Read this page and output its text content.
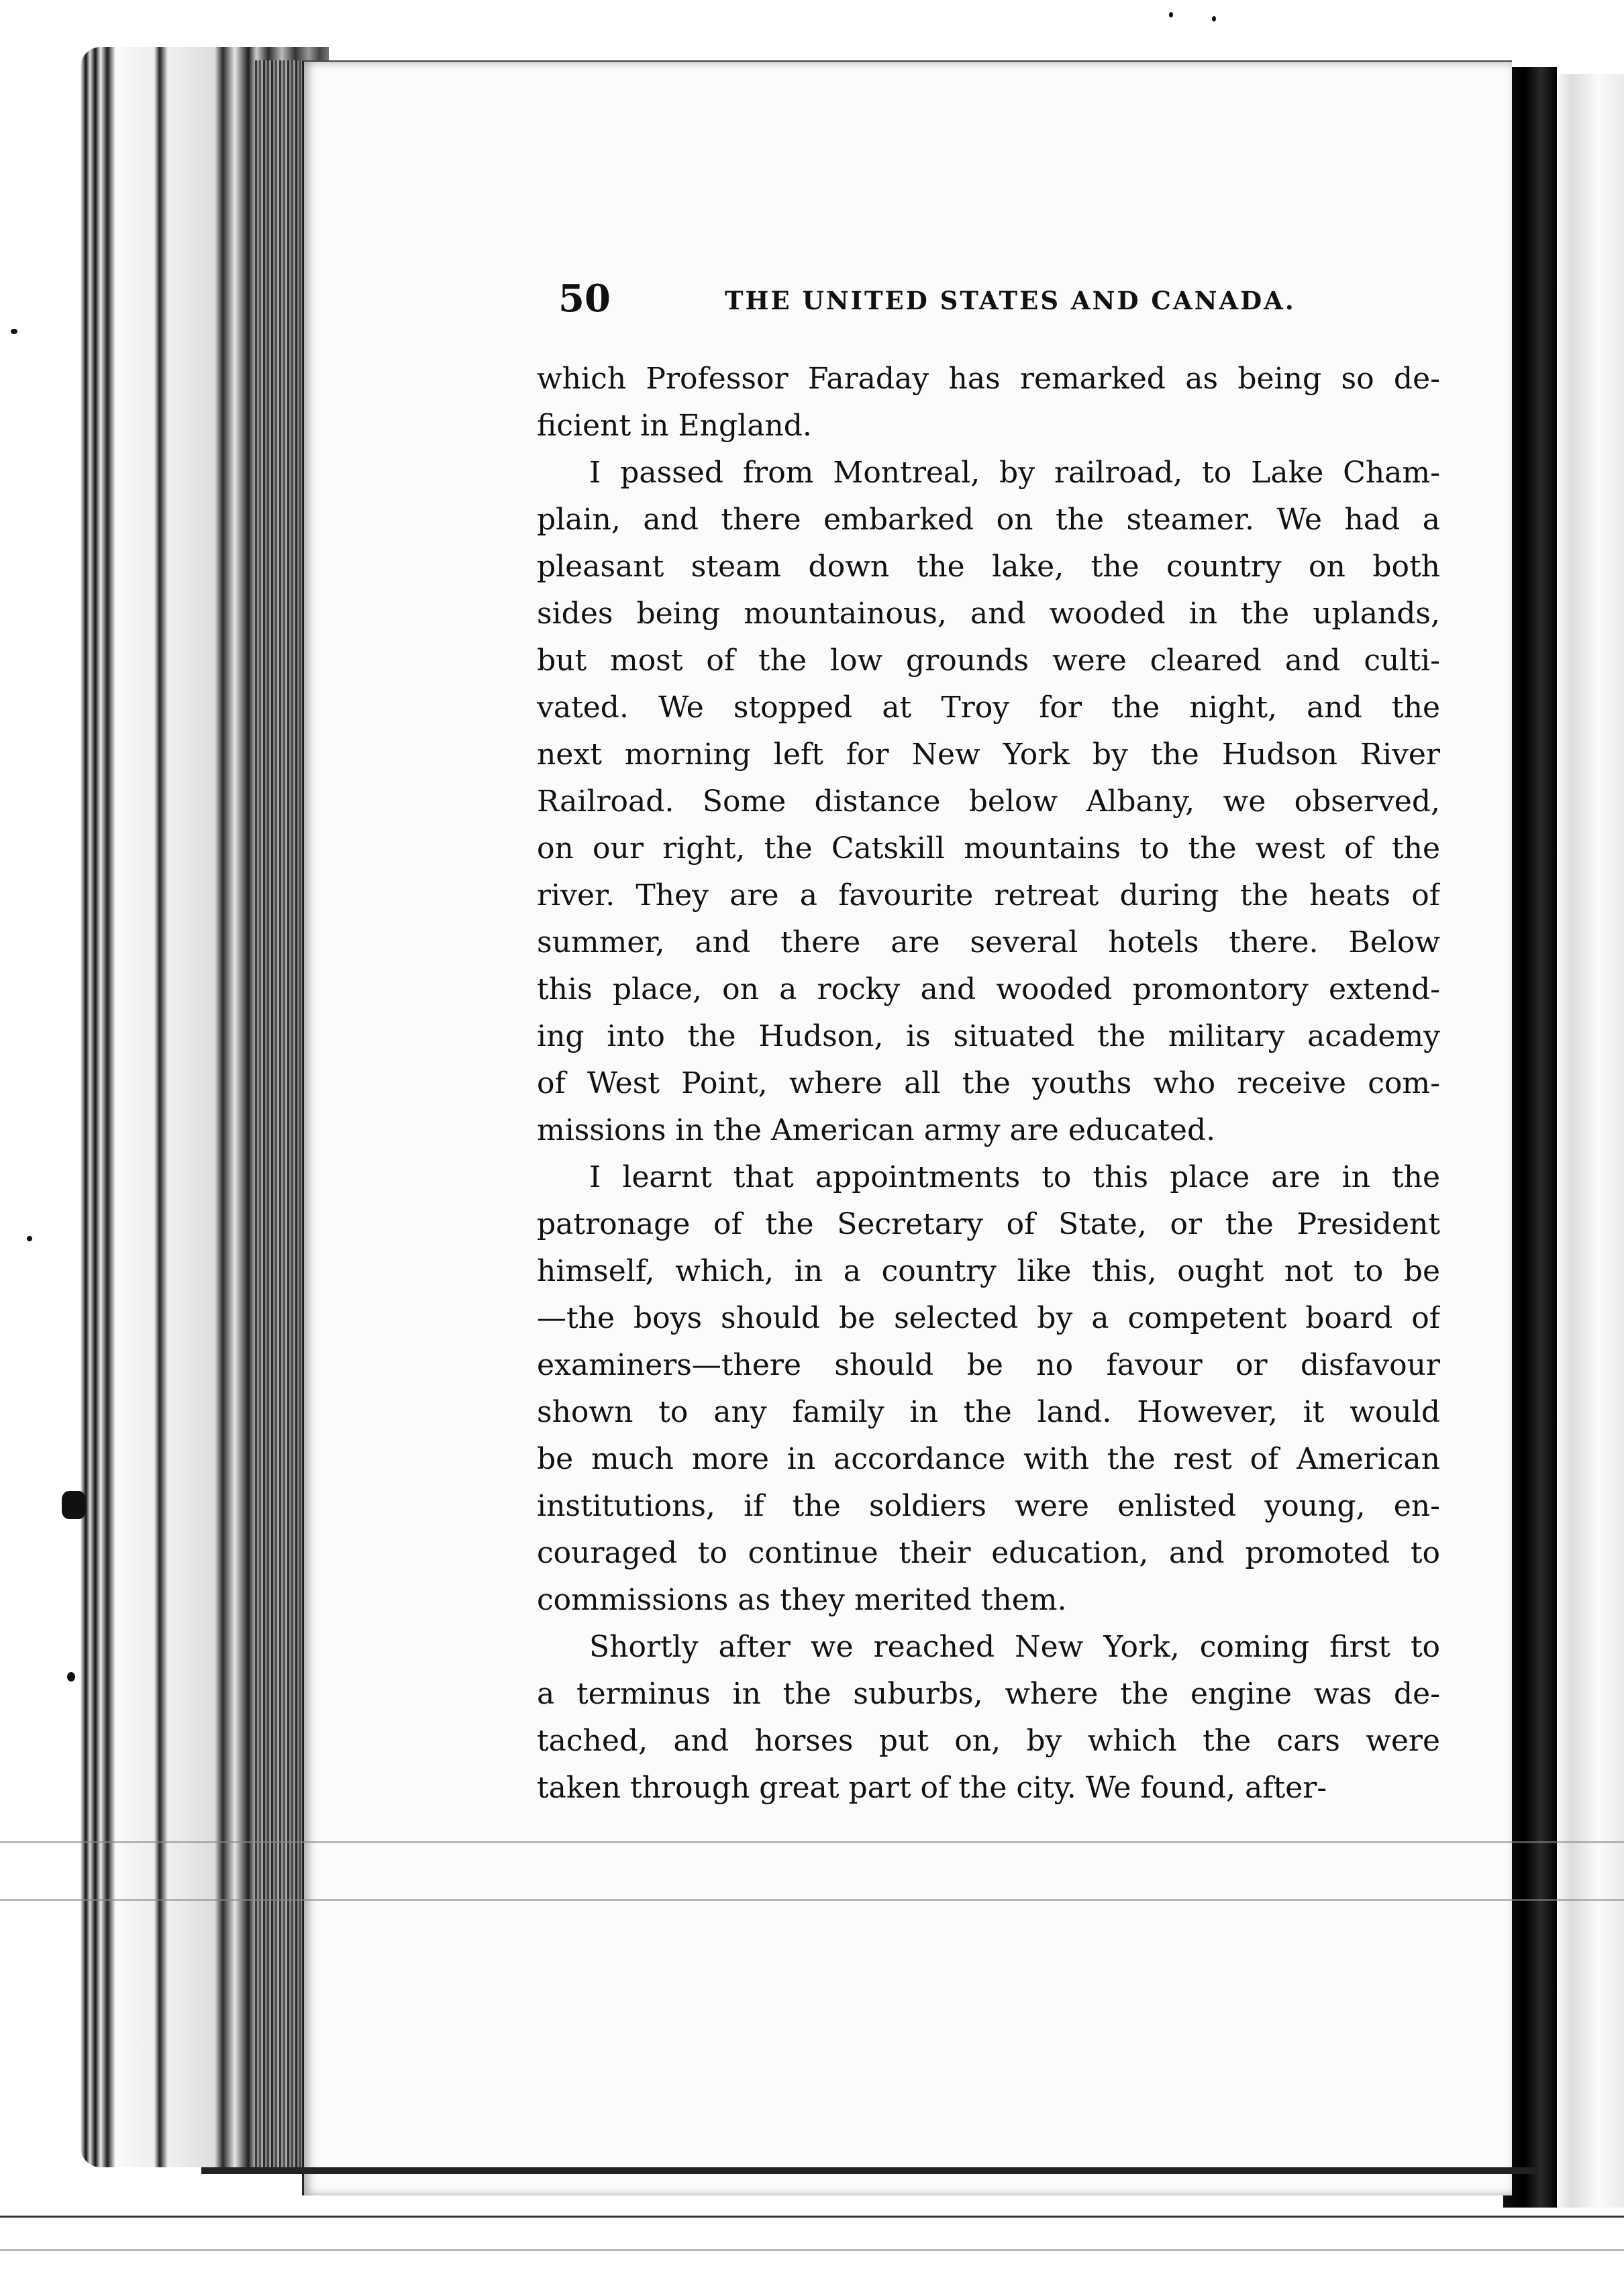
50	THE UNITED STATES AND CANADA.
which Professor Faraday has remarked as being so de-
ficient in England.
I passed from Montreal, by railroad, to Lake Cham-
plain, and there embarked on the steamer. We had a
pleasant steam down the lake, the country on both
sides being mountainous, and wooded in the uplands,
but most of the low grounds were cleared and culti-
vated. We stopped at Troy for the night, and the
next morning left for New York by the Hudson River
Railroad. Some distance below Albany, we observed,
on our right, the Catskill mountains to the west of the
river. They are a favourite retreat during the heats of
summer, and there are several hotels there. Below
this place, on a rocky and wooded promontory extend-
ing into the Hudson, is situated the military academy
of West Point, where all the youths who receive com-
missions in the American army are educated.
I learnt that appointments to this place are in the
patronage of the Secretary of State, or the President
himself, which, in a country like this, ought not to be
—the boys should be selected by a competent board of
examiners—there should be no favour or disfavour
shown to any family in the land. However, it would
be much more in accordance with the rest of American
institutions, if the soldiers were enlisted young, en-
couraged to continue their education, and promoted to
commissions as they merited them.
Shortly after we reached New York, coming first to
a terminus in the suburbs, where the engine was de-
tached, and horses put on, by which the cars were
taken through great part of the city. We found, after-
